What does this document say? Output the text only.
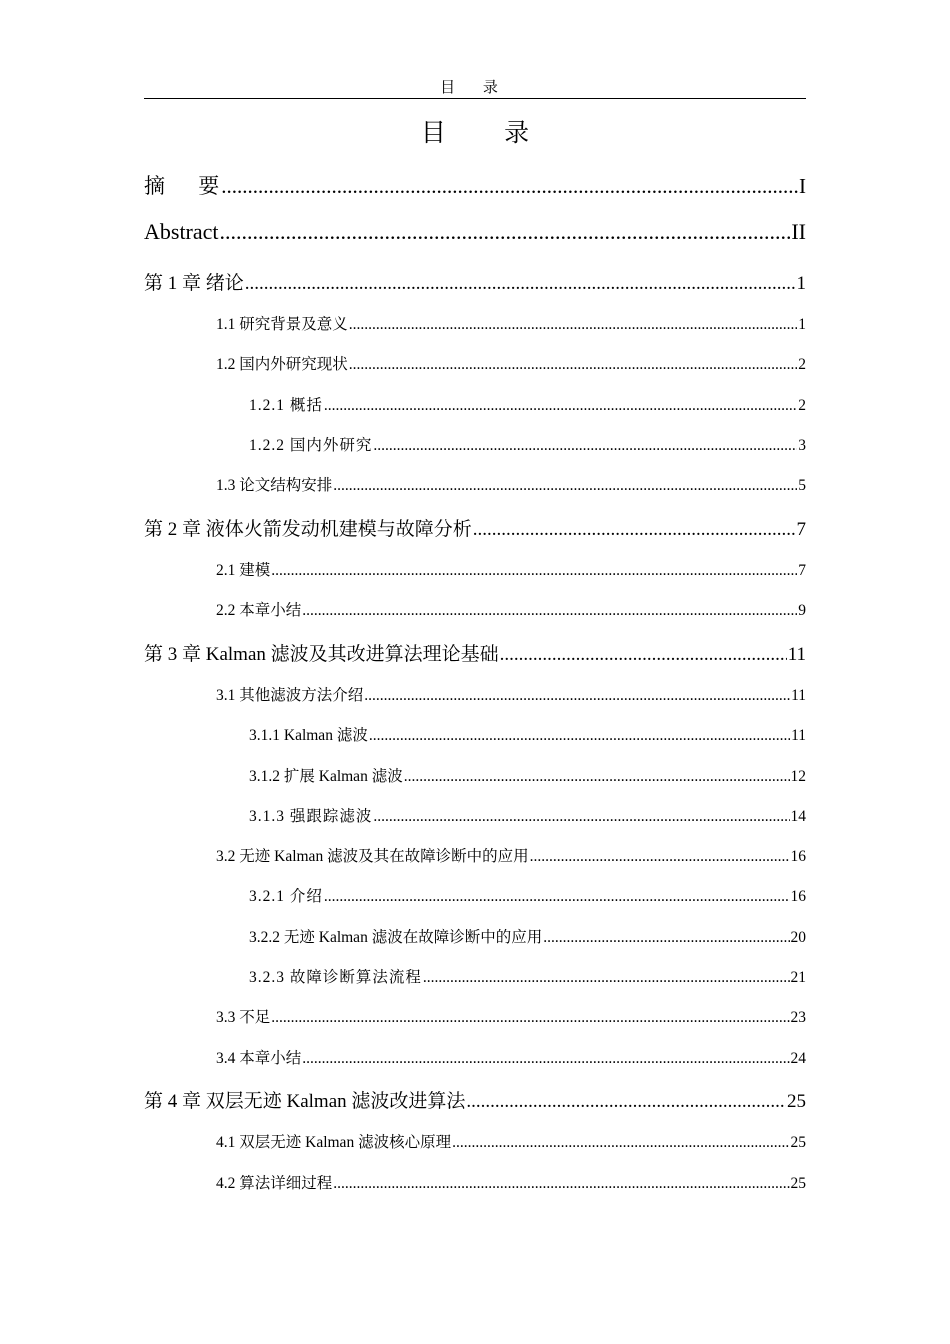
目 录
目 录
摘 要 .....	I
Abstract .....	II
第 1 章 绪论 .....	1
1.1 研究背景及意义 .....	1
1.2 国内外研究现状 .....	2
1.2.1 概括 .....	2
1.2.2 国内外研究 .....	3
1.3 论文结构安排 .....	5
第 2 章 液体火箭发动机建模与故障分析 .....	7
2.1 建模 .....	7
2.2 本章小结 .....	9
第 3 章 Kalman 滤波及其改进算法理论基础 .....	11
3.1 其他滤波方法介绍 .....	11
3.1.1 Kalman 滤波 .....	11
3.1.2 扩展 Kalman 滤波 .....	12
3.1.3 强跟踪滤波 .....	14
3.2 无迹 Kalman 滤波及其在故障诊断中的应用 .....	16
3.2.1 介绍 .....	16
3.2.2 无迹 Kalman 滤波在故障诊断中的应用 .....	20
3.2.3 故障诊断算法流程 .....	21
3.3 不足 .....	23
3.4 本章小结 .....	24
第 4 章 双层无迹 Kalman 滤波改进算法 .....	25
4.1 双层无迹 Kalman 滤波核心原理 .....	25
4.2 算法详细过程 .....	25
